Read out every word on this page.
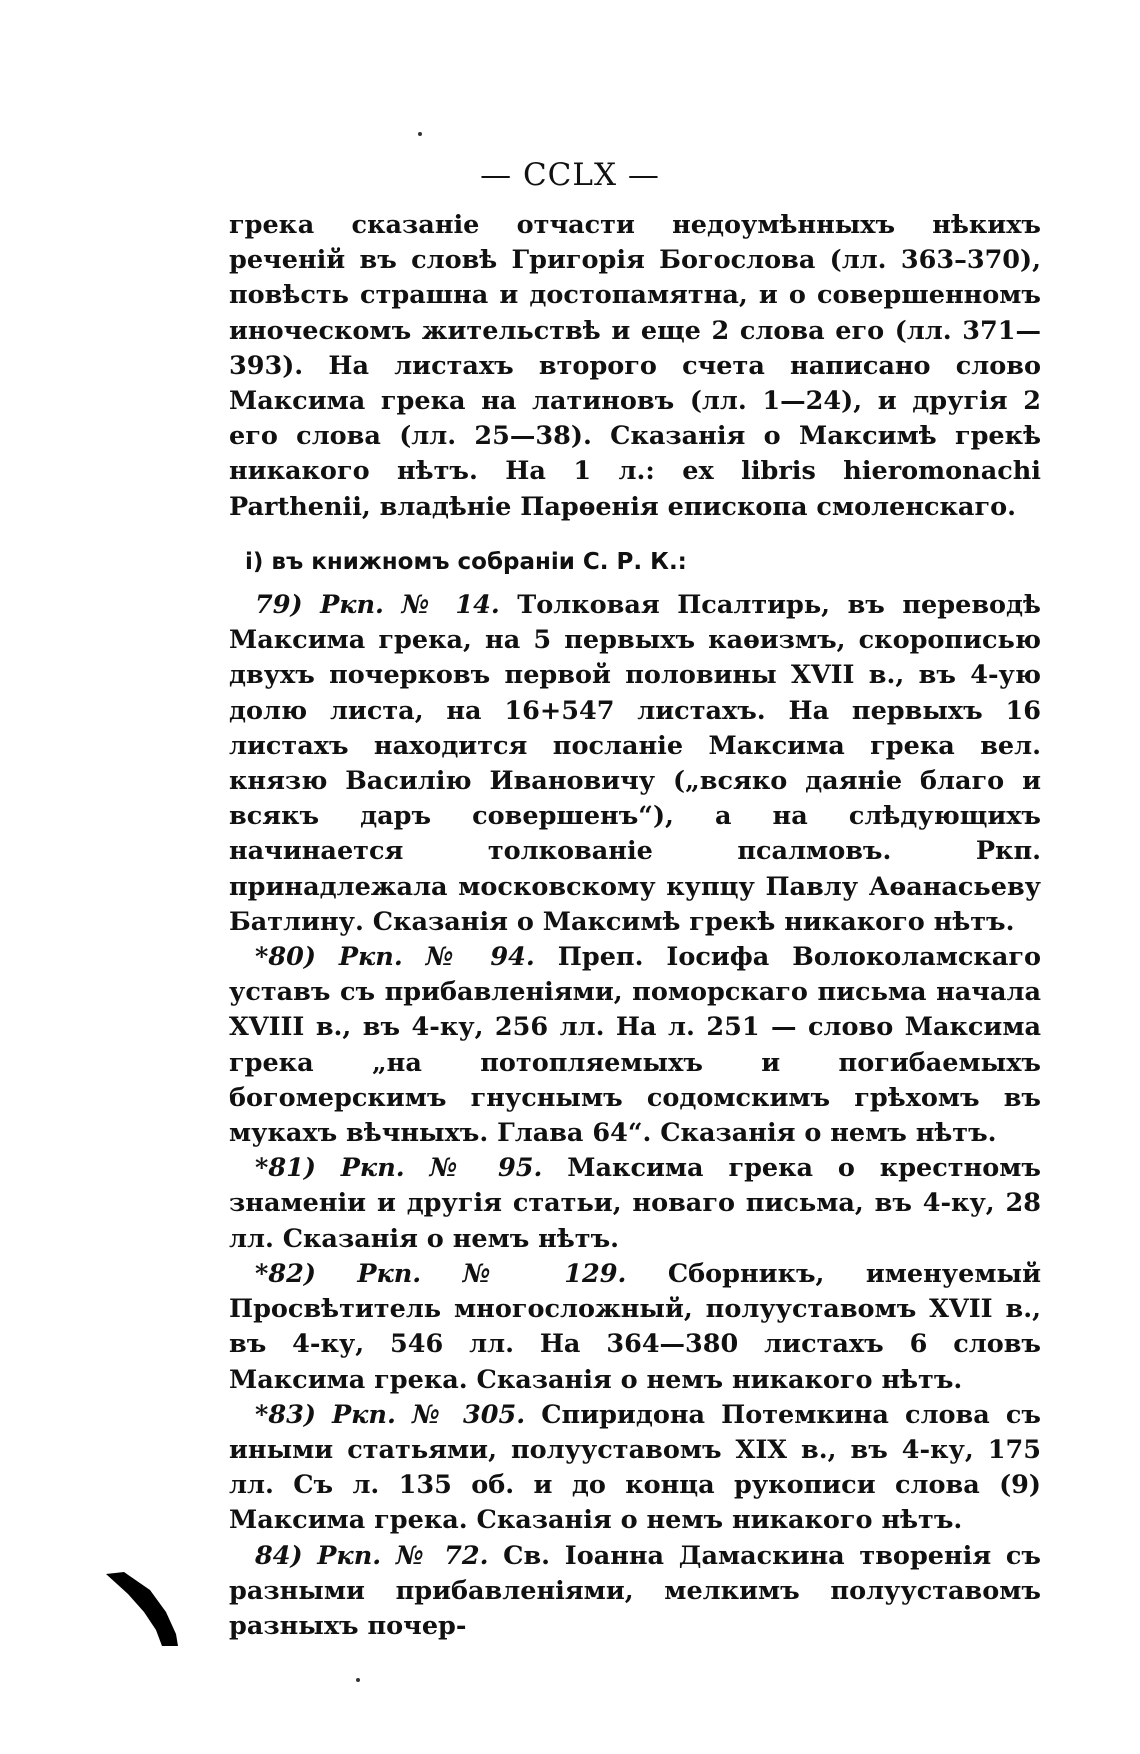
— CCLX —

греκа сказанiе отчасти недоумѣнныхъ нѣкихъ реченiй въ словѣ Григорiя Богослова (лл. 363–370), повѣсть страшна и достопамятна, и о совершенномъ иноческомъ жительствѣ и еще 2 слова его (лл. 371—393). На листахъ второго счета написано слово Максима грека на латиновъ (лл. 1—24), и другiя 2 его слова (лл. 25—38). Сказанiя о Максимѣ грекѣ никакого нѣтъ. На 1 л.: ex libris hieromonachi Parthenii, владѣнiе Парѳенiя епископа смоленскаго.

i) въ книжномъ собранiи С. Р. К.:

79) Ркп. № 14. Толковая Псалтирь, въ переводѣ Максима грека, на 5 первыхъ каѳизмъ, скорописью двухъ почерковъ первой половины XVII в., въ 4-ую долю листа, на 16+547 листахъ. На первыхъ 16 листахъ находится посланiе Максима грека вел. князю Василiю Ивановичу („всяко даянiе благо и всякъ даръ совершенъ“), а на слѣдующихъ начинается толкованiе псалмовъ. Ркп. принадлежала московскому купцу Павлу Аѳанасьеву Батлину. Сказанiя о Максимѣ грекѣ никакого нѣтъ.

*80) Ркп. № 94. Преп. Iосифа Волоколамскаго уставъ съ прибавленiями, поморскаго письма начала XVIII в., въ 4-ку, 256 лл. На л. 251 — слово Максима грека „на потопляемыхъ и погибаемыхъ богомерскимъ гнуснымъ содомскимъ грѣхомъ въ мукахъ вѣчныхъ. Глава 64“. Сказанiя о немъ нѣтъ.

*81) Ркп. № 95. Максима грека о крестномъ знаменiи и другiя статьи, новаго письма, въ 4-ку, 28 лл. Сказанiя о немъ нѣтъ.

*82) Ркп. № 129. Сборникъ, именуемый Просвѣтитель многосложный, полууставомъ XVII в., въ 4-ку, 546 лл. На 364—380 листахъ 6 словъ Максима грека. Сказанiя о немъ никакого нѣтъ.

*83) Ркп. № 305. Спиридона Потемкина слова съ иными статьями, полууставомъ XIX в., въ 4-ку, 175 лл. Съ л. 135 об. и до конца рукописи слова (9) Максима грека. Сказанiя о немъ никакого нѣтъ.

84) Ркп. № 72. Св. Iоанна Дамаскина творенiя съ разными прибавленiями, мелкимъ полууставомъ разныхъ почер-
